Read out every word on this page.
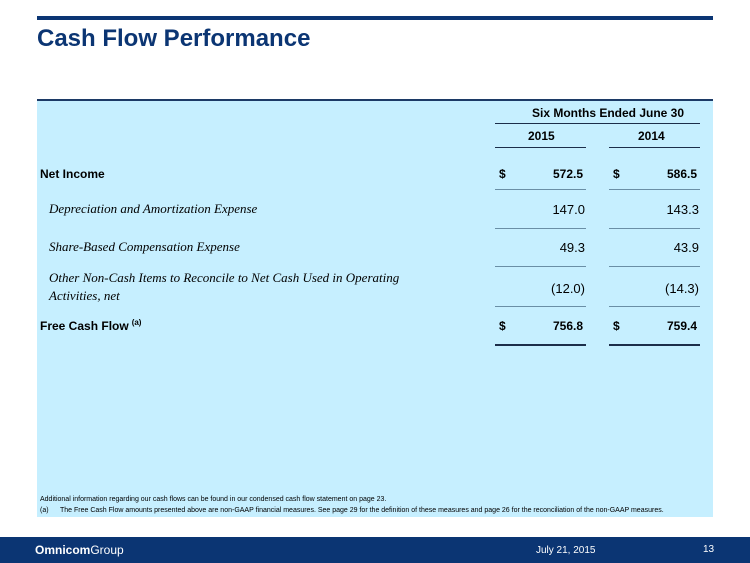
Cash Flow Performance
Six Months Ended June 30
2015	2014
Net Income	$	572.5	$	586.5
Depreciation and Amortization Expense	147.0	143.3
Share-Based Compensation Expense	49.3	43.9
Other Non-Cash Items to Reconcile to Net Cash Used in Operating
Activities, net	(12.0)	(14.3)
Free Cash Flow $^{(a)}$	$	756.8	$	759.4
Additional information regarding our cash flows can be found in our condensed cash flow statement on page 23.
(a) The Free Cash Flow amounts presented above are non-GAAP financial measures. See page 29 for the definition of these measures and page 26 for the reconciliation of the non-GAAP measures.
OmnicomGroup	July 21, 2015	13
